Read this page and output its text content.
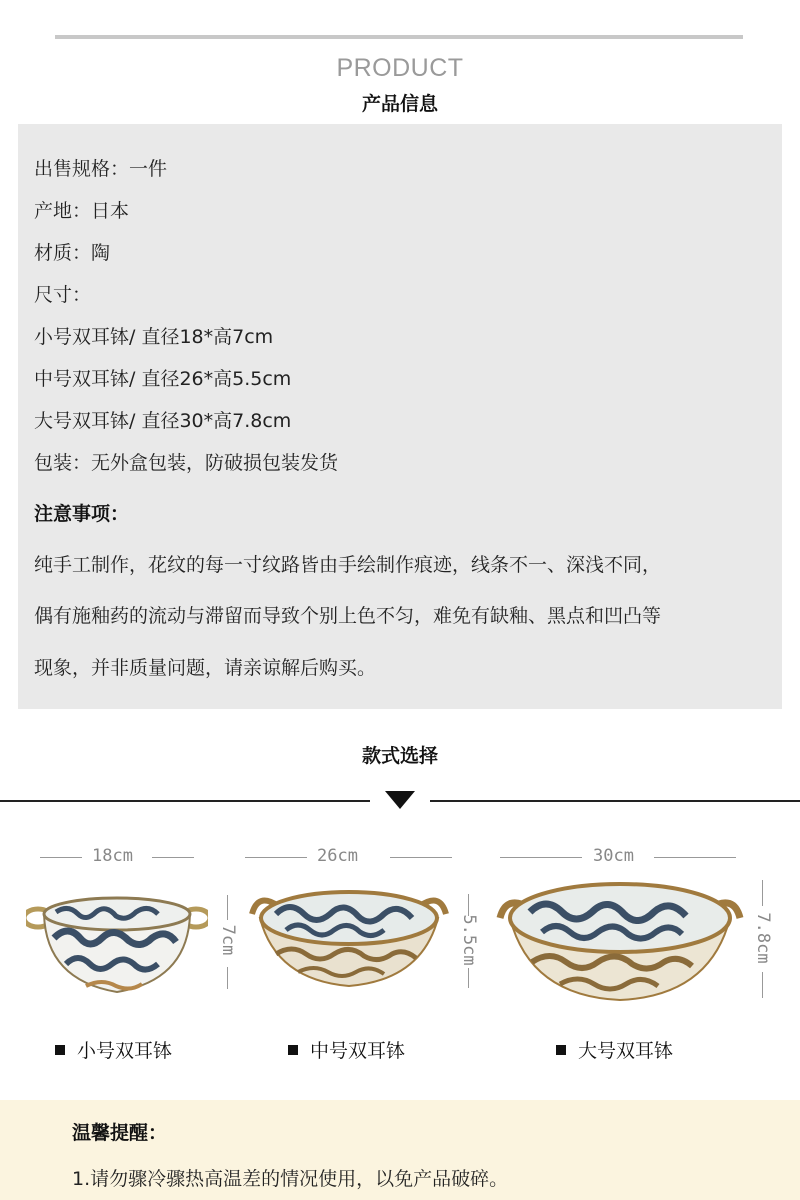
PRODUCT
产品信息
出售规格：一件
产地：日本
材质：陶
尺寸：
小号双耳钵/ 直径18*高7cm
中号双耳钵/ 直径26*高5.5cm
大号双耳钵/ 直径30*高7.8cm
包装：无外盒包装，防破损包装发货
注意事项：
纯手工制作，花纹的每一寸纹路皆由手绘制作痕迹，线条不一、深浅不同，
偶有施釉药的流动与滞留而导致个别上色不匀，难免有缺釉、黑点和凹凸等
现象，并非质量问题，请亲谅解后购买。
款式选择
18cm
7cm
小号双耳钵
26cm
5.5cm
中号双耳钵
30cm
7.8cm
大号双耳钵
温馨提醒：
1.请勿骤冷骤热高温差的情况使用，以免产品破碎。
